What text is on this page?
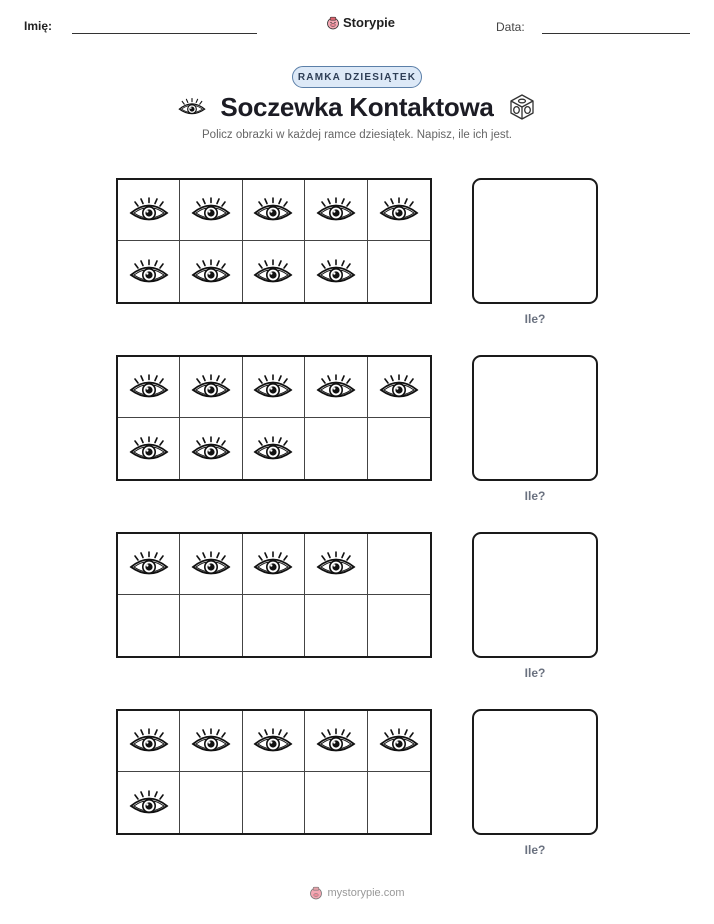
Imię:	Storypie	Data:
RAMKA DZIESIĄTEK
Soczewka Kontaktowa
Policz obrazki w każdej ramce dziesiątek. Napisz, ile ich jest.
Ile?
Ile?
Ile?
Ile?
mystorypie.com
